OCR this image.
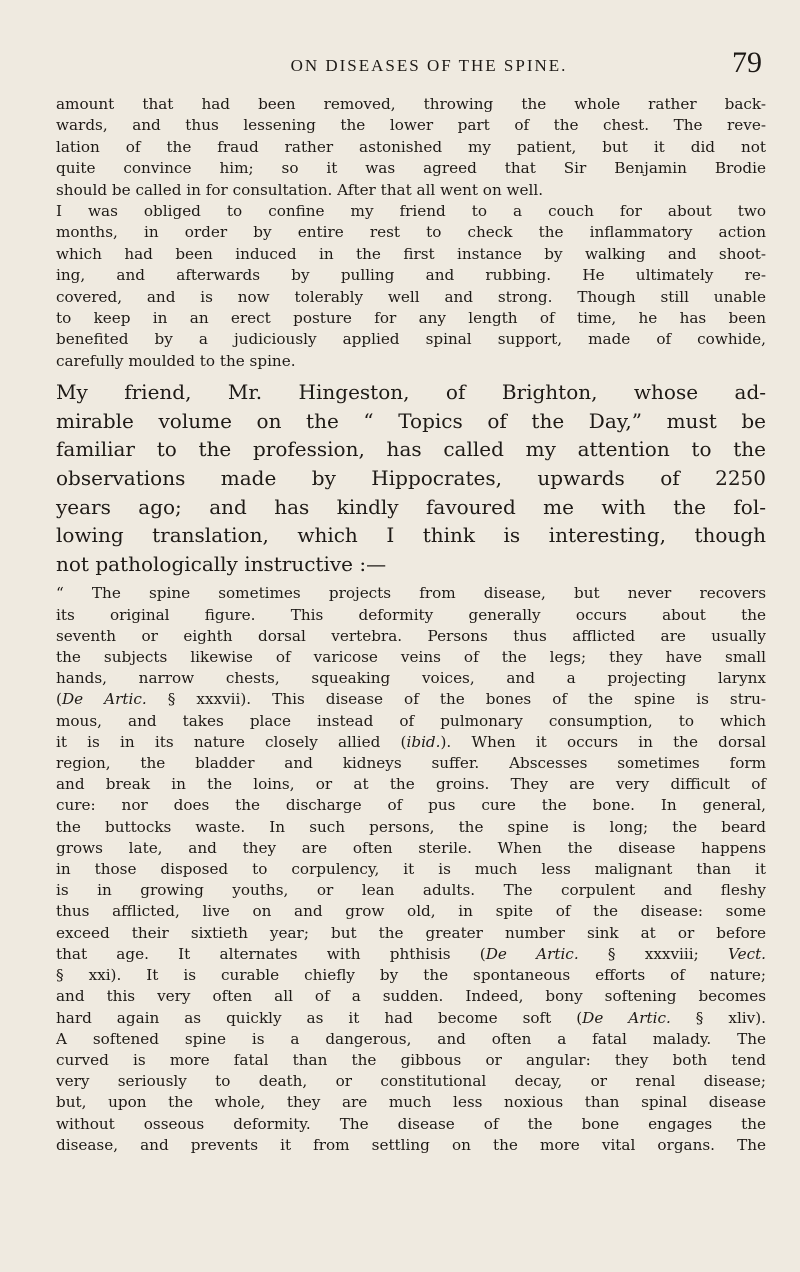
ON DISEASES OF THE SPINE.	79
amount that had been removed, throwing the whole rather back-
wards, and thus lessening the lower part of the chest. The reve-
lation of the fraud rather astonished my patient, but it did not
quite convince him; so it was agreed that Sir Benjamin Brodie
should be called in for consultation. After that all went on well.
I was obliged to confine my friend to a couch for about two
months, in order by entire rest to check the inflammatory action
which had been induced in the first instance by walking and shoot-
ing, and afterwards by pulling and rubbing. He ultimately re-
covered, and is now tolerably well and strong. Though still unable
to keep in an erect posture for any length of time, he has been
benefited by a judiciously applied spinal support, made of cowhide,
carefully moulded to the spine.
My friend, Mr. Hingeston, of Brighton, whose ad-
mirable volume on the “ Topics of the Day,” must be
familiar to the profession, has called my attention to the
observations made by Hippocrates, upwards of 2250
years ago; and has kindly favoured me with the fol-
lowing translation, which I think is interesting, though
not pathologically instructive :—
“ The spine sometimes projects from disease, but never recovers
its original figure. This deformity generally occurs about the
seventh or eighth dorsal vertebra. Persons thus afflicted are usually
the subjects likewise of varicose veins of the legs; they have small
hands, narrow chests, squeaking voices, and a projecting larynx
(De Artic. § xxxvii). This disease of the bones of the spine is stru-
mous, and takes place instead of pulmonary consumption, to which
it is in its nature closely allied (ibid.). When it occurs in the dorsal
region, the bladder and kidneys suffer. Abscesses sometimes form
and break in the loins, or at the groins. They are very difficult of
cure: nor does the discharge of pus cure the bone. In general,
the buttocks waste. In such persons, the spine is long; the beard
grows late, and they are often sterile. When the disease happens
in those disposed to corpulency, it is much less malignant than it
is in growing youths, or lean adults. The corpulent and fleshy
thus afflicted, live on and grow old, in spite of the disease: some
exceed their sixtieth year; but the greater number sink at or before
that age. It alternates with phthisis (De Artic. § xxxviii; Vect.
§ xxi). It is curable chiefly by the spontaneous efforts of nature;
and this very often all of a sudden. Indeed, bony softening becomes
hard again as quickly as it had become soft (De Artic. § xliv).
A softened spine is a dangerous, and often a fatal malady. The
curved is more fatal than the gibbous or angular: they both tend
very seriously to death, or constitutional decay, or renal disease;
but, upon the whole, they are much less noxious than spinal disease
without osseous deformity. The disease of the bone engages the
disease, and prevents it from settling on the more vital organs. The
